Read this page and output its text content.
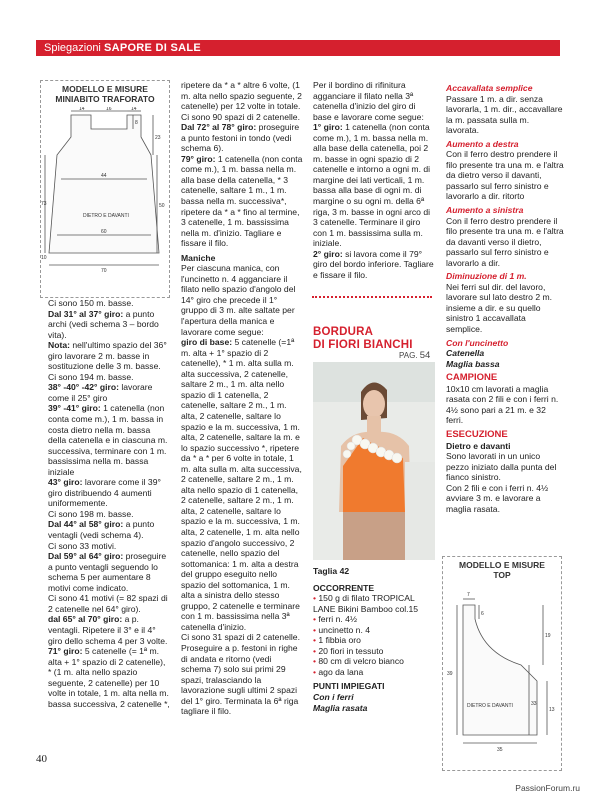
Spiegazioni SAPORE DI SALE
MODELLO E MISURE
MINIABITO TRAFORATO
14	16	14
8
23
73
44
50
DIETRO E DAVANTI
60
10
70

Ci sono 150 m. basse.

Dal 31° al 37° giro: a punto archi (vedi schema 3 – bordo vita).

Nota: nell'ultimo spazio del 36° giro lavorare 2 m. basse in sostituzione delle 3 m. basse.

Ci sono 194 m. basse.

38° -40° -42° giro: lavorare come il 25° giro

39° -41° giro: 1 catenella (non conta come m.), 1 m. bassa in costa dietro nella m. bassa della catenella e in ciascuna m. successiva, terminare con 1 m. bassissima nella m. bassa iniziale

43° giro: lavorare come il 39° giro distribuendo 4 aumenti uniformemente.

Ci sono 198 m. basse.

Dal 44° al 58° giro: a punto ventagli (vedi schema 4).

Ci sono 33 motivi.

Dal 59° al 64° giro: proseguire a punto ventagli seguendo lo schema 5 per aumentare 8 motivi come indicato.

Ci sono 41 motivi (= 82 spazi di 2 catenelle nel 64° giro).

dal 65° al 70° giro: a p. ventagli. Ripetere il 3° e il 4° giro dello schema 4 per 3 volte.

71° giro: 5 catenelle (= 1ª m. alta + 1° spazio di 2 catenelle), * (1 m. alta nello spazio seguente, 2 catenelle) per 10 volte in totale, 1 m. alta nella m. bassa successiva, 2 catenelle *,

ripetere da * a * altre 6 volte, (1 m. alta nello spazio seguente, 2 catenelle) per 12 volte in totale.

Ci sono 90 spazi di 2 catenelle.

Dal 72° al 78° giro: proseguire a punto festoni in tondo (vedi schema 6).

79° giro: 1 catenella (non conta come m.), 1 m. bassa nella m. alla base della catenella, * 3 catenelle, saltare 1 m., 1 m. bassa nella m. successiva*, ripetere da * a * fino al termine, 3 catenelle, 1 m. bassissima nella m. d'inizio. Tagliare e fissare il filo.

Maniche

Per ciascuna manica, con l'uncinetto n. 4 agganciare il filato nello spazio d'angolo del 14° giro che precede il 1° gruppo di 3 m. alte saltate per l'apertura della manica e lavorare come segue:

giro di base: 5 catenelle (=1ª m. alta + 1° spazio di 2 catenelle), * 1 m. alta sulla m. alta successiva, 2 catenelle, saltare 2 m., 1 m. alta nello spazio di 1 catenella, 2 catenelle, saltare 2 m., 1 m. alta, 2 catenelle, saltare lo spazio e la m. successiva, 1 m. alta, 2 catenelle, saltare la m. e lo spazio successivo *, ripetere da * a * per 6 volte in totale, 1 m. alta sulla m. alta successiva, 2 catenelle, saltare 2 m., 1 m. alta nello spazio di 1 catenella, 2 catenelle, saltare 2 m., 1 m. alta, 2 catenelle, saltare lo spazio e la m. successiva, 1 m. alta, 2 catenelle, 1 m. alta nello spazio d'angolo successivo, 2 catenelle, nello spazio del sottomanica: 1 m. alta a destra del gruppo eseguito nello spazio del sottomanica, 1 m. alta a sinistra dello stesso gruppo, 2 catenelle e terminare con 1 m. bassissima nella 3ª catenella d'inizio.

Ci sono 31 spazi di 2 catenelle. Proseguire a p. festoni in righe di andata e ritorno (vedi schema 7) solo sui primi 29 spazi, tralasciando la lavorazione sugli ultimi 2 spazi del 1° giro. Terminata la 6ª riga tagliare il filo.

Per il bordino di rifinitura agganciare il filato nella 3ª catenella d'inizio del giro di base e lavorare come segue:

1° giro: 1 catenella (non conta come m.), 1 m. bassa nella m. alla base della catenella, poi 2 m. basse in ogni spazio di 2 catenelle e intorno a ogni m. di margine dei lati verticali, 1 m. bassa alla base di ogni m. di margine o su ogni m. della 6ª riga, 3 m. basse in ogni arco di 3 catenelle. Terminare il giro con 1 m. bassissima sulla m. iniziale.

2° giro: si lavora come il 79° giro del bordo inferiore. Tagliare e fissare il filo.

BORDURA
DI FIORI BIANCHI
PAG. 54

Taglia 42

OCCORRENTE

• 150 g di filato TROPICAL LANE Bikini Bamboo col.15
• ferri n. 4½
• uncinetto n. 4
• 1 fibbia oro
• 20 fiori in tessuto
• 80 cm di velcro bianco
• ago da lana

PUNTI IMPIEGATI

Con i ferri

Maglia rasata

Accavallata semplice

Passare 1 m. a dir. senza lavorarla, 1 m. dir., accavallare la m. passata sulla m. lavorata.

Aumento a destra

Con il ferro destro prendere il filo presente tra una m. e l'altra da dietro verso il davanti, passarlo sul ferro sinistro e lavorarlo a dir. ritorto

Aumento a sinistra

Con il ferro destro prendere il filo presente tra una m. e l'altra da davanti verso il dietro, passarlo sul ferro sinistro e lavorarlo a dir.

Diminuzione di 1 m.

Nei ferri sul dir. del lavoro, lavorare sul lato destro 2 m. insieme a dir. e su quello sinistro 1 accavallata semplice.

Con l'uncinetto

Catenella

Maglia bassa

CAMPIONE

10x10 cm lavorati a maglia rasata con 2 fili e con i ferri n. 4½ sono pari a 21 m. e 32 ferri.

ESECUZIONE

Dietro e davanti

Sono lavorati in un unico pezzo iniziato dalla punta del fianco sinistro.

Con 2 fili e con i ferri n. 4½ avviare 3 m. e lavorare a maglia rasata.

MODELLO E MISURE
TOP
7
6
19
39
33
13
DIETRO E DAVANTI
35
40
PassionForum.ru
